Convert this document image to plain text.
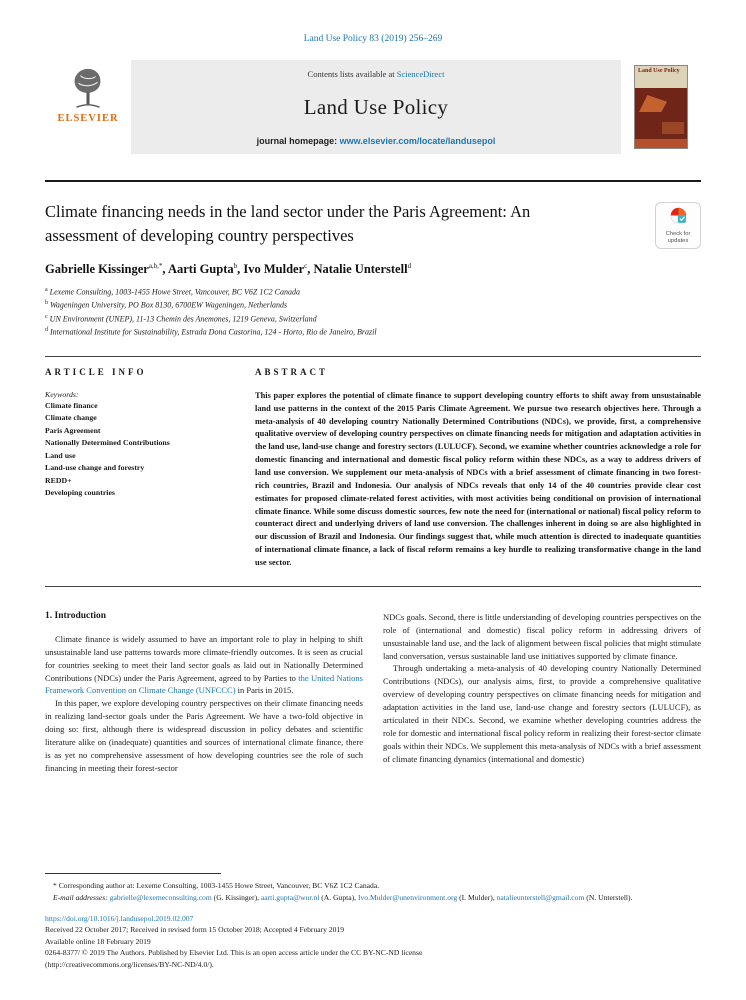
Land Use Policy 83 (2019) 256–269
ELSEVIER
Contents lists available at ScienceDirect
Land Use Policy
journal homepage: www.elsevier.com/locate/landusepol
Land Use Policy
Climate financing needs in the land sector under the Paris Agreement: An assessment of developing country perspectives	Check for updates
Gabrielle Kissinger$^{a,b,*}$, Aarti Gupta$^b$, Ivo Mulder$^c$, Natalie Unterstell$^d$
$^a$ Lexeme Consulting, 1003-1455 Howe Street, Vancouver, BC V6Z 1C2 Canada
$^b$ Wageningen University, PO Box 8130, 6700EW Wageningen, Netherlands
$^c$ UN Environment (UNEP), 11-13 Chemin des Anemones, 1219 Geneva, Switzerland
$^d$ International Institute for Sustainability, Estrada Dona Castorina, 124 - Horto, Rio de Janeiro, Brazil
ARTICLE INFO
Keywords:
Climate finance
Climate change
Paris Agreement
Nationally Determined Contributions
Land use
Land-use change and forestry
REDD+
Developing countries
ABSTRACT

This paper explores the potential of climate finance to support developing country efforts to shift away from unsustainable land use patterns in the context of the 2015 Paris Climate Agreement. We pursue two research objectives here. Through a meta-analysis of 40 developing country Nationally Determined Contributions (NDCs), we provide, first, a comprehensive qualitative overview of developing country perspectives on climate financing needs for mitigation and adaptation activities in the land use, land-use change and forestry sectors (LULUCF). Second, we examine whether countries acknowledge a role for domestic financing and international and domestic fiscal policy reform within these NDCs, as a way to address drivers of land use conversion. We supplement our meta-analysis of NDCs with a brief assessment of climate financing in two forest-rich countries, Brazil and Indonesia. Our analysis of NDCs reveals that only 14 of the 40 countries provide clear cost estimates for proposed climate-related forest activities, with most activities being conditional on provision of international climate finance. While some discuss domestic sources, few note the need for (international or national) fiscal policy reform to counteract direct and underlying drivers of land use conversion. The challenges inherent in doing so are also highlighted in our discussion of Brazil and Indonesia. Our findings suggest that, while much attention is directed to inadequate quantities of international climate finance, a lack of fiscal reform remains a key hurdle to realizing transformative change in the land use sector.

1. Introduction

Climate finance is widely assumed to have an important role to play in helping to shift unsustainable land use patterns towards more climate-friendly outcomes. It is seen as crucial for countries seeking to meet their land sector goals as laid out in Nationally Determined Contributions (NDCs) under the Paris Agreement, agreed to by Parties to the United Nations Framework Convention on Climate Change (UNFCCC) in Paris in 2015.

In this paper, we explore developing country perspectives on their climate financing needs in realizing land-sector goals under the Paris Agreement. We have a two-fold objective in doing so: first, although there is widespread discussion in policy debates and scientific literature alike on (inadequate) quantities and sources of international climate finance, there is as yet no comprehensive assessment of how developing countries see the role of such financing in meeting their forest-sector

NDCs goals. Second, there is little understanding of developing countries perspectives on the role of (international and domestic) fiscal policy reform in addressing drivers of unsustainable land use, and the lack of alignment between fiscal policies that might stimulate land conversation, versus sustainable land use initiatives supported by climate finance.

Through undertaking a meta-analysis of 40 developing country Nationally Determined Contributions (NDCs), our analysis aims, first, to provide a comprehensive qualitative overview of developing country perspectives on climate financing needs for mitigation and adaptation activities in the land use, land-use change and forestry sectors (LULUCF), as articulated in their NDCs. Second, we examine whether developing countries address the role for domestic and international fiscal policy reform in realizing their forest-sector climate goals within their NDCs. We supplement this meta-analysis of NDCs with a brief assessment of climate financing dynamics (international and domestic)

* Corresponding author at: Lexeme Consulting, 1003-1455 Howe Street, Vancouver, BC V6Z 1C2 Canada.

E-mail addresses: gabrielle@lexemeconsulting.com (G. Kissinger), aarti.gupta@wur.nl (A. Gupta), Ivo.Mulder@unenvironment.org (I. Mulder), natalieunterstell@gmail.com (N. Unterstell).

https://doi.org/10.1016/j.landusepol.2019.02.007
Received 22 October 2017; Received in revised form 15 October 2018; Accepted 4 February 2019
Available online 18 February 2019
0264-8377/ © 2019 The Authors. Published by Elsevier Ltd. This is an open access article under the CC BY-NC-ND license
(http://creativecommons.org/licenses/BY-NC-ND/4.0/).
